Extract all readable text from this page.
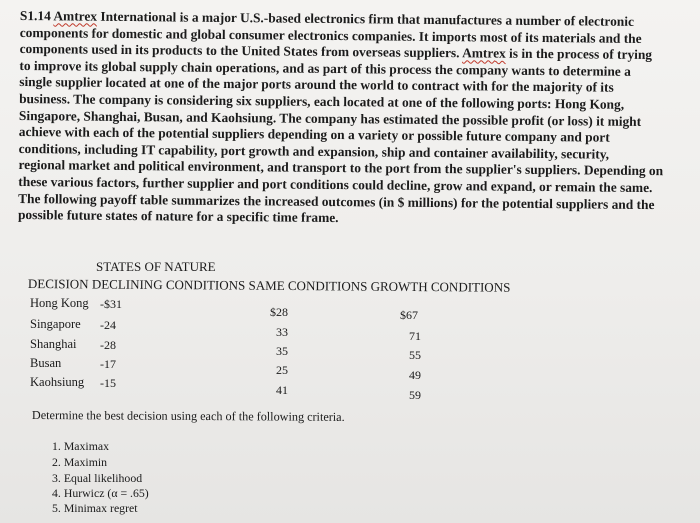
S1.14 Amtrex International is a major U.S.-based electronics firm that manufactures a number of electronic

components for domestic and global consumer electronics companies. It imports most of its materials and the

components used in its products to the United States from overseas suppliers. Amtrex is in the process of trying

to improve its global supply chain operations, and as part of this process the company wants to determine a

single supplier located at one of the major ports around the world to contract with for the majority of its

business. The company is considering six suppliers, each located at one of the following ports: Hong Kong,

Singapore, Shanghai, Busan, and Kaohsiung. The company has estimated the possible profit (or loss) it might

achieve with each of the potential suppliers depending on a variety or possible future company and port

conditions, including IT capability, port growth and expansion, ship and container availability, security,

regional market and political environment, and transport to the port from the supplier's suppliers. Depending on

these various factors, further supplier and port conditions could decline, grow and expand, or remain the same.

The following payoff table summarizes the increased outcomes (in $ millions) for the potential suppliers and the

possible future states of nature for a specific time frame.

STATES OF NATURE
DECISION DECLINING CONDITIONS SAME CONDITIONS GROWTH CONDITIONS
Hong Kong
Singapore
Shanghai
Busan
Kaohsiung
-$31
-24
-28
-17
-15
$28
33
35
25
41
$67
71
55
49
59
Determine the best decision using each of the following criteria.
1. Maximax
2. Maximin
3. Equal likelihood
4. Hurwicz (α = .65)
5. Minimax regret
